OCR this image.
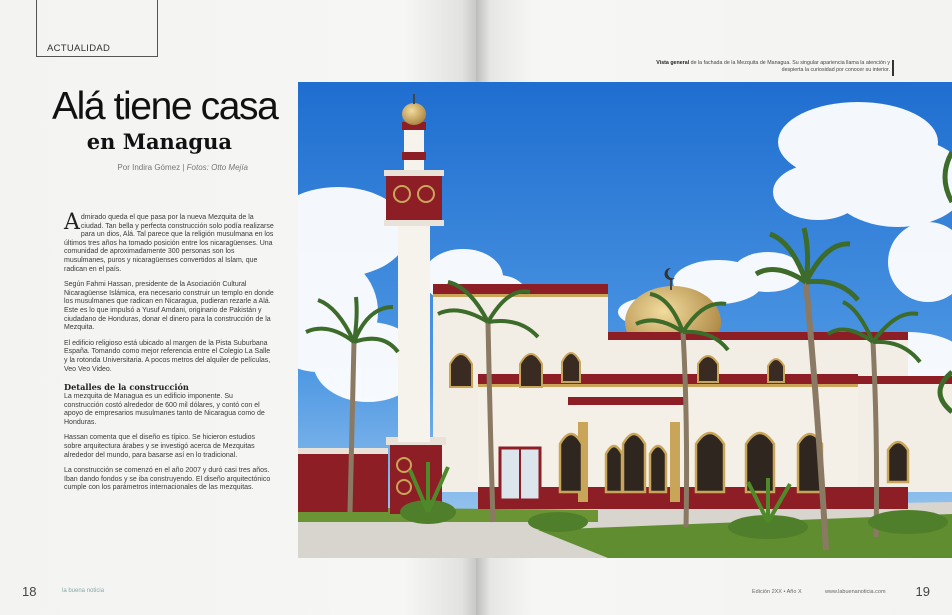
ACTUALIDAD
Alá tiene casa
en Managua
Por Indira Gómez | Fotos: Otto Mejía

Admirado queda el que pasa por la nueva Mezquita de la ciudad. Tan bella y perfecta construcción solo podía realizarse para un dios, Alá. Tal parece que la religión musulmana en los últimos tres años ha tomado posición entre los nicaragüenses. Una comunidad de aproximadamente 300 personas son los musulmanes, puros y nicaragüenses convertidos al Islam, que radican en el país.

Según Fahmi Hassan, presidente de la Asociación Cultural Nicaragüense Islámica, era necesario construir un templo en donde los musulmanes que radican en Nicaragua, pudieran rezarle a Alá. Este es lo que impulsó a Yusuf Amdani, originario de Pakistán y ciudadano de Honduras, donar el dinero para la construcción de la Mezquita.

El edificio religioso está ubicado al margen de la Pista Suburbana España. Tomando como mejor referencia entre el Colegio La Salle y la rotonda Universitaria. A pocos metros del alquiler de películas, Veo Veo Video.

Detalles de la construcción

La mezquita de Managua es un edificio imponente. Su construcción costó alrededor de 600 mil dólares, y contó con el apoyo de empresarios musulmanes tanto de Nicaragua como de Honduras.

Hassan comenta que el diseño es típico. Se hicieron estudios sobre arquitectura árabes y se investigó acerca de Mezquitas alrededor del mundo, para basarse así en lo tradicional.

La construcción se comenzó en el año 2007 y duró casi tres años. Iban dando fondos y se iba construyendo. El diseño arquitectónico cumple con los parámetros internacionales de las mezquitas.

18	la buena noticia	19
Edición 2XX • Año X	www.labuenanoticia.com
Vista general de la fachada de la Mezquita de Managua. Su singular apariencia llama la atención y
despierta la curiosidad por conocer su interior.
